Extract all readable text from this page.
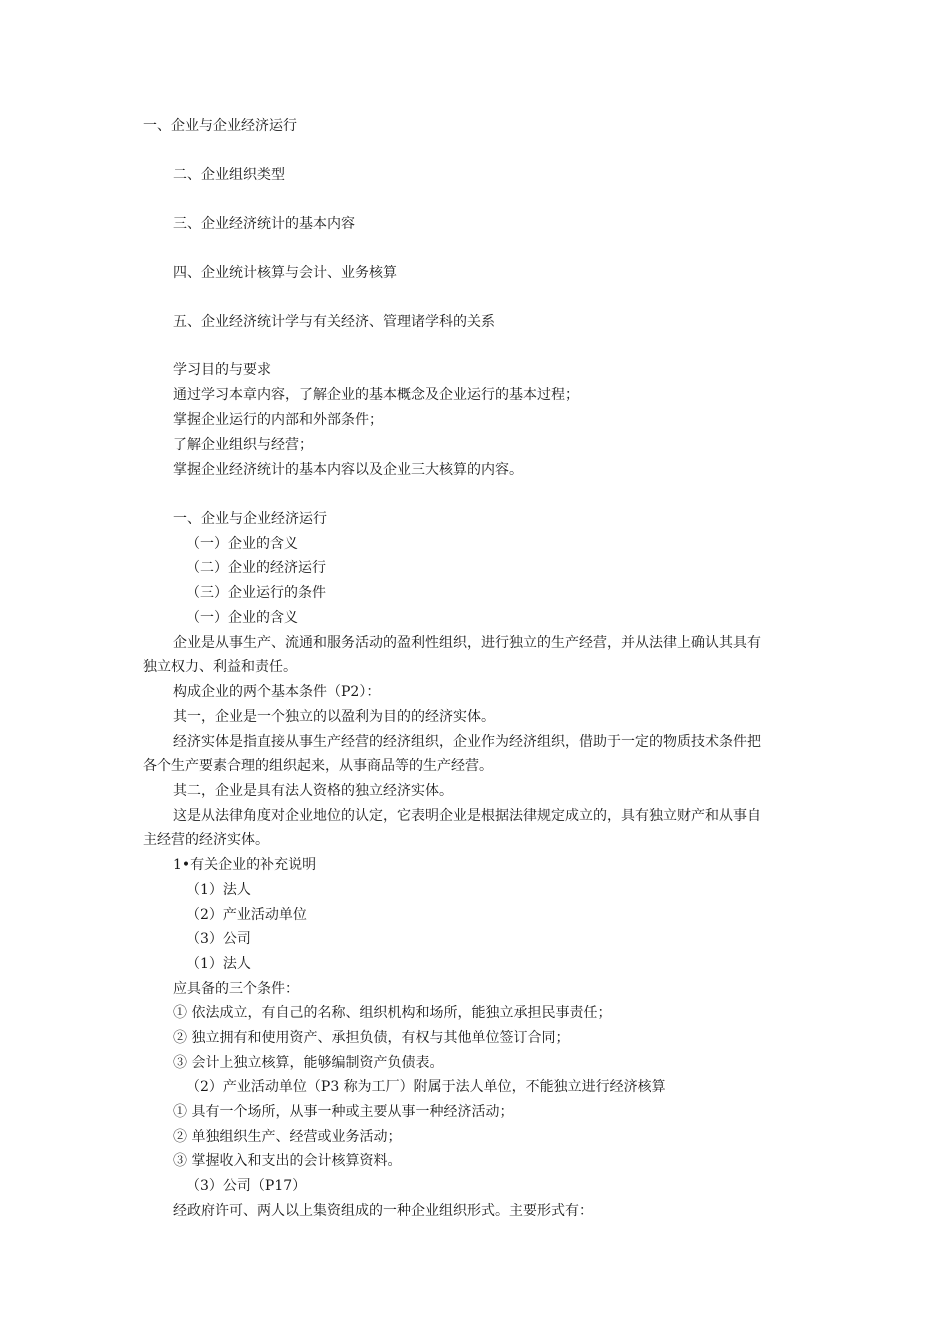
一、企业与企业经济运行
二、企业组织类型
三、企业经济统计的基本内容
四、企业统计核算与会计、业务核算
五、企业经济统计学与有关经济、管理诸学科的关系
学习目的与要求
通过学习本章内容，了解企业的基本概念及企业运行的基本过程；
掌握企业运行的内部和外部条件；
了解企业组织与经营；
掌握企业经济统计的基本内容以及企业三大核算的内容。
一、企业与企业经济运行
（一）企业的含义
（二）企业的经济运行
（三）企业运行的条件
（一）企业的含义
企业是从事生产、流通和服务活动的盈利性组织，进行独立的生产经营，并从法律上确认其具有
独立权力、利益和责任。
构成企业的两个基本条件（P2）：
其一，企业是一个独立的以盈利为目的的经济实体。
经济实体是指直接从事生产经营的经济组织，企业作为经济组织，借助于一定的物质技术条件把
各个生产要素合理的组织起来，从事商品等的生产经营。
其二，企业是具有法人资格的独立经济实体。
这是从法律角度对企业地位的认定，它表明企业是根据法律规定成立的，具有独立财产和从事自
主经营的经济实体。
1•有关企业的补充说明
（1）法人
（2）产业活动单位
（3）公司
（1）法人
应具备的三个条件：
① 依法成立，有自己的名称、组织机构和场所，能独立承担民事责任；
② 独立拥有和使用资产、承担负债，有权与其他单位签订合同；
③ 会计上独立核算，能够编制资产负债表。
（2）产业活动单位（P3 称为工厂）附属于法人单位，不能独立进行经济核算
① 具有一个场所，从事一种或主要从事一种经济活动；
② 单独组织生产、经营或业务活动；
③ 掌握收入和支出的会计核算资料。
（3）公司（P17）
经政府许可、两人以上集资组成的一种企业组织形式。主要形式有：
